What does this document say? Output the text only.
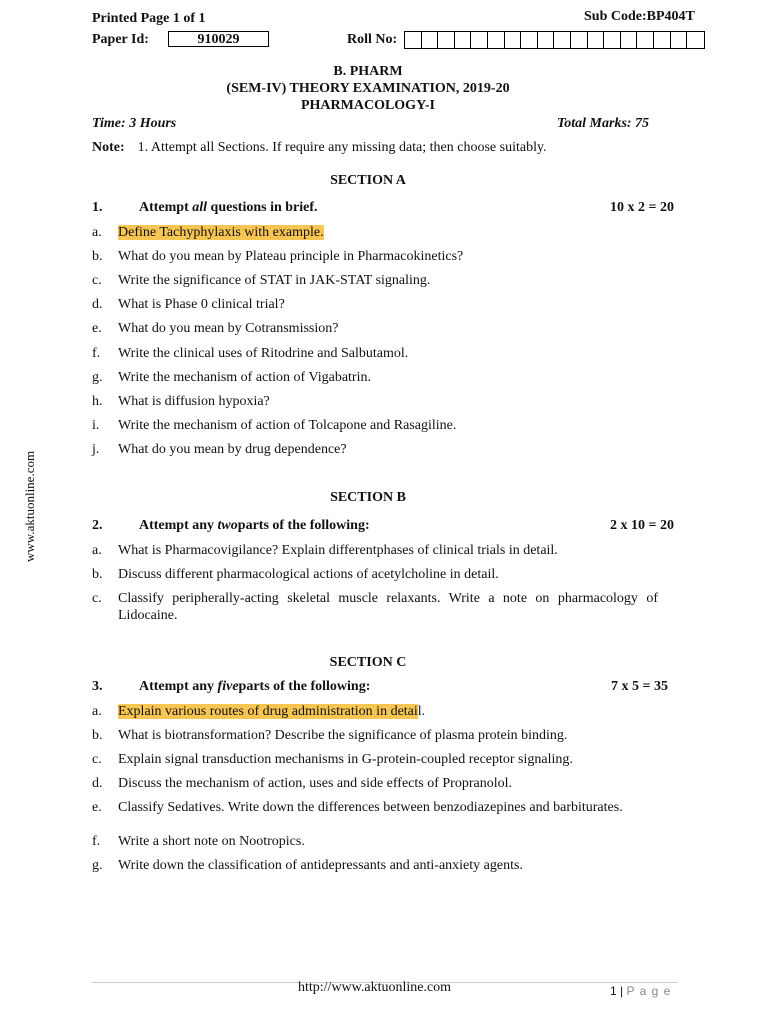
Printed Page 1 of 1	Sub Code:BP404T
Paper Id:	910029	Roll No:
B. PHARM
(SEM-IV) THEORY EXAMINATION, 2019-20
PHARMACOLOGY-I
Time: 3 Hours	Total Marks: 75
Note: 1. Attempt all Sections. If require any missing data; then choose suitably.
SECTION A
1.	Attempt all questions in brief.	10 x 2 = 20
a.	Define Tachyphylaxis with example.
b.	What do you mean by Plateau principle in Pharmacokinetics?
c.	Write the significance of STAT in JAK-STAT signaling.
d.	What is Phase 0 clinical trial?
e.	What do you mean by Cotransmission?
f.	Write the clinical uses of Ritodrine and Salbutamol.
g.	Write the mechanism of action of Vigabatrin.
h.	What is diffusion hypoxia?
i.	Write the mechanism of action of Tolcapone and Rasagiline.
j.	What do you mean by drug dependence?
SECTION B
2.	Attempt any twoparts of the following:	2 x 10 = 20
a.	What is Pharmacovigilance? Explain differentphases of clinical trials in detail.
b.	Discuss different pharmacological actions of acetylcholine in detail.
c.	Classify peripherally-acting skeletal muscle relaxants. Write a note on pharmacology of Lidocaine.
SECTION C
3.	Attempt any fiveparts of the following:	7 x 5 = 35
a.	Explain various routes of drug administration in detail.
b.	What is biotransformation? Describe the significance of plasma protein binding.
c.	Explain signal transduction mechanisms in G-protein-coupled receptor signaling.
d.	Discuss the mechanism of action, uses and side effects of Propranolol.
e.	Classify Sedatives. Write down the differences between benzodiazepines and barbiturates.
f.	Write a short note on Nootropics.
g.	Write down the classification of antidepressants and anti-anxiety agents.
www.aktuonline.com
http://www.aktuonline.com	1 | P a g e
